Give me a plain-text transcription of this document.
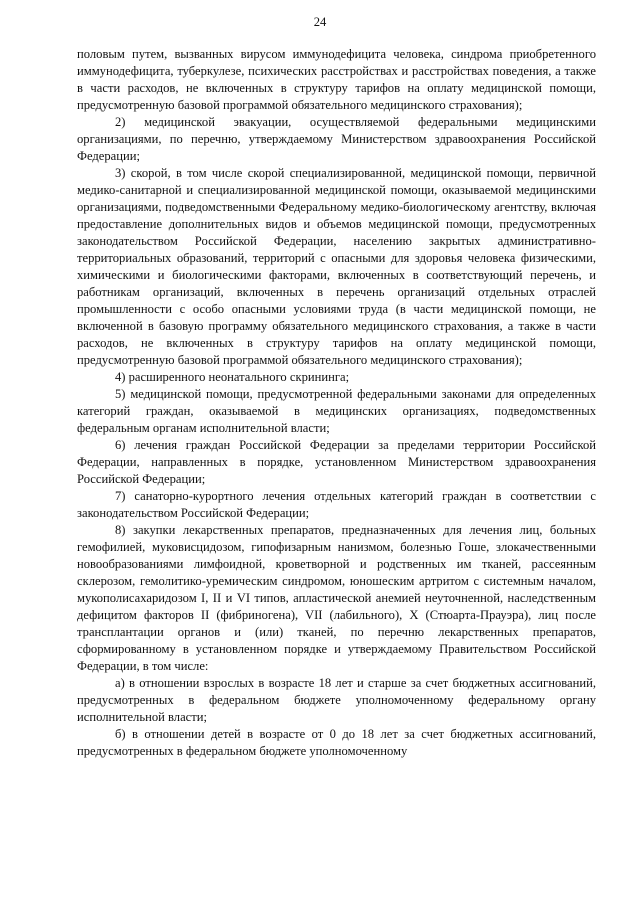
24

половым путем, вызванных вирусом иммунодефицита человека, синдрома приобретенного иммунодефицита, туберкулезе, психических расстройствах и расстройствах поведения, а также в части расходов, не включенных в структуру тарифов на оплату медицинской помощи, предусмотренную базовой программой обязательного медицинского страхования);

2) медицинской эвакуации, осуществляемой федеральными медицинскими организациями, по перечню, утверждаемому Министерством здравоохранения Российской Федерации;

3) скорой, в том числе скорой специализированной, медицинской помощи, первичной медико-санитарной и специализированной медицинской помощи, оказываемой медицинскими организациями, подведомственными Федеральному медико-биологическому агентству, включая предоставление дополнительных видов и объемов медицинской помощи, предусмотренных законодательством Российской Федерации, населению закрытых административно-территориальных образований, территорий с опасными для здоровья человека физическими, химическими и биологическими факторами, включенных в соответствующий перечень, и работникам организаций, включенных в перечень организаций отдельных отраслей промышленности с особо опасными условиями труда (в части медицинской помощи, не включенной в базовую программу обязательного медицинского страхования, а также в части расходов, не включенных в структуру тарифов на оплату медицинской помощи, предусмотренную базовой программой обязательного медицинского страхования);

4) расширенного неонатального скрининга;

5) медицинской помощи, предусмотренной федеральными законами для определенных категорий граждан, оказываемой в медицинских организациях, подведомственных федеральным органам исполнительной власти;

6) лечения граждан Российской Федерации за пределами территории Российской Федерации, направленных в порядке, установленном Министерством здравоохранения Российской Федерации;

7) санаторно-курортного лечения отдельных категорий граждан в соответствии с законодательством Российской Федерации;

8) закупки лекарственных препаратов, предназначенных для лечения лиц, больных гемофилией, муковисцидозом, гипофизарным нанизмом, болезнью Гоше, злокачественными новообразованиями лимфоидной, кроветворной и родственных им тканей, рассеянным склерозом, гемолитико-уремическим синдромом, юношеским артритом с системным началом, мукополисахаридозом I, II и VI типов, апластической анемией неуточненной, наследственным дефицитом факторов II (фибриногена), VII (лабильного), X (Стюарта-Прауэра), лиц после трансплантации органов и (или) тканей, по перечню лекарственных препаратов, сформированному в установленном порядке и утверждаемому Правительством Российской Федерации, в том числе:

а) в отношении взрослых в возрасте 18 лет и старше за счет бюджетных ассигнований, предусмотренных в федеральном бюджете уполномоченному федеральному органу исполнительной власти;

б) в отношении детей в возрасте от 0 до 18 лет за счет бюджетных ассигнований, предусмотренных в федеральном бюджете уполномоченному
